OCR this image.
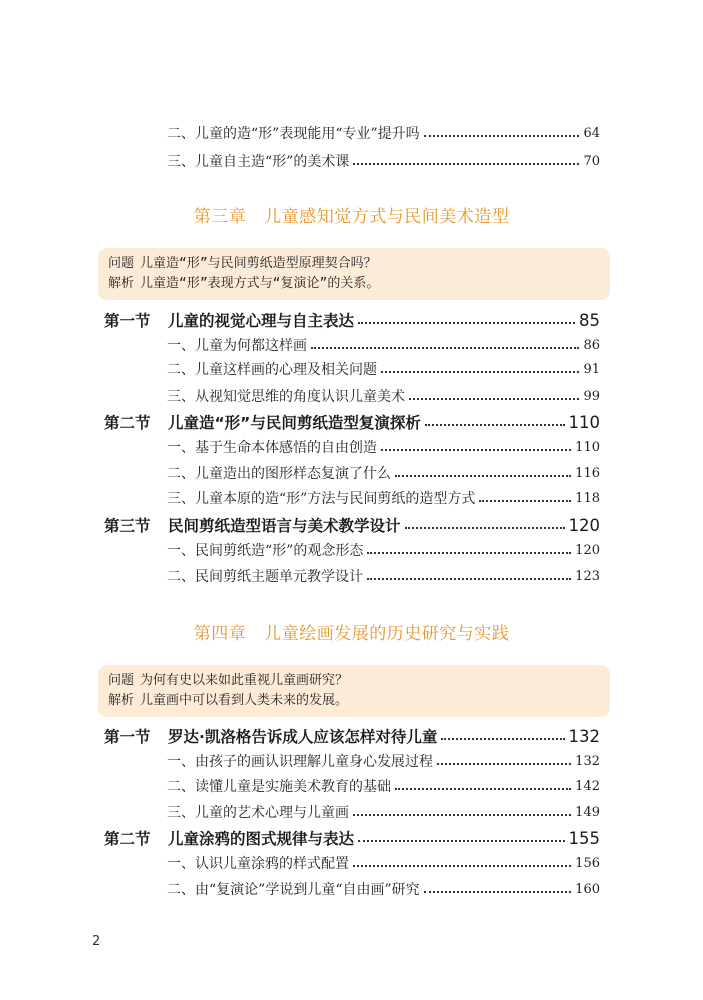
二、儿童的造“形”表现能用“专业”提升吗	64
三、儿童自主造“形”的美术课	70
第三章 儿童感知觉方式与民间美术造型
问题 儿童造“形”与民间剪纸造型原理契合吗？
解析 儿童造“形”表现方式与“复演论”的关系。
第一节	儿童的视觉心理与自主表达	85
一、儿童为何都这样画	86
二、儿童这样画的心理及相关问题	91
三、从视知觉思维的角度认识儿童美术	99
第二节	儿童造“形”与民间剪纸造型复演探析	110
一、基于生命本体感悟的自由创造	110
二、儿童造出的图形样态复演了什么	116
三、儿童本原的造“形”方法与民间剪纸的造型方式	118
第三节	民间剪纸造型语言与美术教学设计	120
一、民间剪纸造“形”的观念形态	120
二、民间剪纸主题单元教学设计	123
第四章 儿童绘画发展的历史研究与实践
问题 为何有史以来如此重视儿童画研究？
解析 儿童画中可以看到人类未来的发展。
第一节	罗达·凯洛格告诉成人应该怎样对待儿童	132
一、由孩子的画认识理解儿童身心发展过程	132
二、读懂儿童是实施美术教育的基础	142
三、儿童的艺术心理与儿童画	149
第二节	儿童涂鸦的图式规律与表达	155
一、认识儿童涂鸦的样式配置	156
二、由“复演论”学说到儿童“自由画”研究	160
2
